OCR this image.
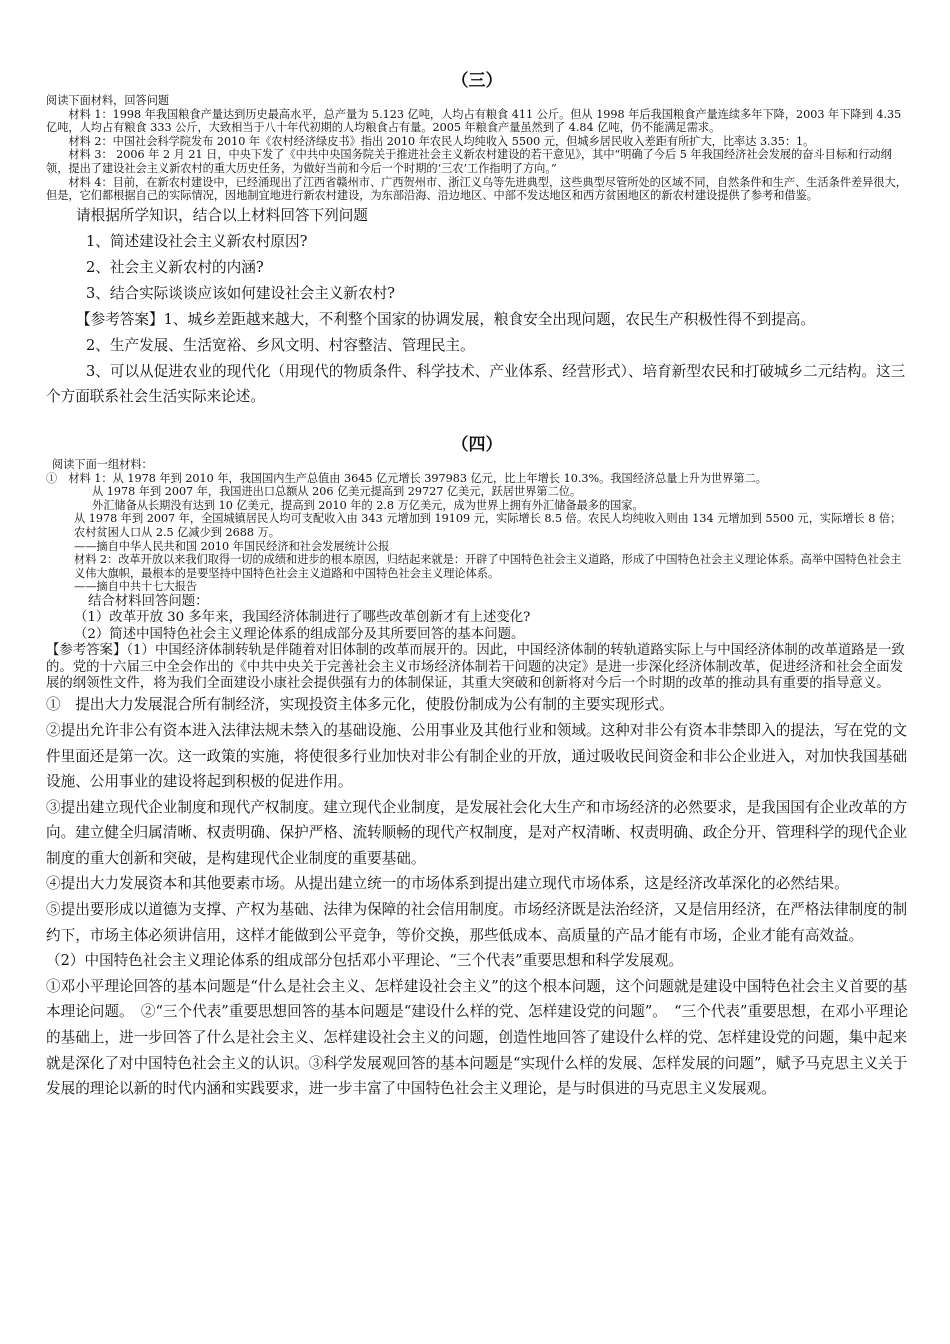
（三）

阅读下面材料，回答问题

材料 1：1998 年我国粮食产量达到历史最高水平，总产量为 5.123 亿吨，人均占有粮食 411 公斤。但从 1998 年后我国粮食产量连续多年下降，2003 年下降到 4.35 亿吨，人均占有粮食 333 公斤，大致相当于八十年代初期的人均粮食占有量。2005 年粮食产量虽然到了 4.84 亿吨，仍不能满足需求。

材料 2：中国社会科学院发布 2010 年《农村经济绿皮书》指出 2010 年农民人均纯收入 5500 元，但城乡居民收入差距有所扩大，比率达 3.35：1。

材料 3： 2006 年 2 月 21 日，中央下发了《中共中央国务院关于推进社会主义新农村建设的若干意见》，其中“明确了今后 5 年我国经济社会发展的奋斗目标和行动纲领，提出了建设社会主义新农村的重大历史任务，为做好当前和今后一个时期的‘三农’工作指明了方向。”

材料 4：目前，在新农村建设中，已经涌现出了江西省赣州市、广西贺州市、浙江义乌等先进典型，这些典型尽管所处的区域不同，自然条件和生产、生活条件差异很大，但是，它们都根据自己的实际情况，因地制宜地进行新农村建设，为东部沿海、沿边地区、中部不发达地区和西方贫困地区的新农村建设提供了参考和借鉴。

请根据所学知识，结合以上材料回答下列问题

1、简述建设社会主义新农村原因?

2、社会主义新农村的内涵?

3、结合实际谈谈应该如何建设社会主义新农村?

【参考答案】1、城乡差距越来越大，不利整个国家的协调发展，粮食安全出现问题，农民生产积极性得不到提高。

2、生产发展、生活宽裕、乡风文明、村容整洁、管理民主。

3、可以从促进农业的现代化（用现代的物质条件、科学技术、产业体系、经营形式）、培育新型农民和打破城乡二元结构。这三个方面联系社会生活实际来论述。

（四）

阅读下面一组材料：

①　材料 1：从 1978 年到 2010 年，我国国内生产总值由 3645 亿元增长 397983 亿元，比上年增长 10.3%。我国经济总量上升为世界第二。

从 1978 年到 2007 年，我国进出口总额从 206 亿美元提高到 29727 亿美元，跃居世界第二位。

外汇储备从长期没有达到 10 亿美元，提高到 2010 年的 2.8 万亿美元，成为世界上拥有外汇储备最多的国家。

从 1978 年到 2007 年，全国城镇居民人均可支配收入由 343 元增加到 19109 元，实际增长 8.5 倍。农民人均纯收入则由 134 元增加到 5500 元，实际增长 8 倍；农村贫困人口从 2.5 亿减少到 2688 万。

——摘自中华人民共和国 2010 年国民经济和社会发展统计公报

材料 2：改革开放以来我们取得一切的成绩和进步的根本原因，归结起来就是：开辟了中国特色社会主义道路，形成了中国特色社会主义理论体系。高举中国特色社会主义伟大旗帜，最根本的是要坚持中国特色社会主义道路和中国特色社会主义理论体系。

——摘自中共十七大报告

结合材料回答问题：

（1）改革开放 30 多年来，我国经济体制进行了哪些改革创新才有上述变化?

（2）简述中国特色社会主义理论体系的组成部分及其所要回答的基本问题。

【参考答案】（1）中国经济体制转轨是伴随着对旧体制的改革而展开的。因此，中国经济体制的转轨道路实际上与中国经济体制的改革道路是一致的。党的十六届三中全会作出的《中共中央关于完善社会主义市场经济体制若干问题的决定》是进一步深化经济体制改革，促进经济和社会全面发展的纲领性文件，将为我们全面建设小康社会提供强有力的体制保证，其重大突破和创新将对今后一个时期的改革的推动具有重要的指导意义。

①　提出大力发展混合所有制经济，实现投资主体多元化，使股份制成为公有制的主要实现形式。

②提出允许非公有资本进入法律法规未禁入的基础设施、公用事业及其他行业和领域。这种对非公有资本非禁即入的提法，写在党的文件里面还是第一次。这一政策的实施，将使很多行业加快对非公有制企业的开放，通过吸收民间资金和非公企业进入，对加快我国基础设施、公用事业的建设将起到积极的促进作用。

③提出建立现代企业制度和现代产权制度。建立现代企业制度，是发展社会化大生产和市场经济的必然要求，是我国国有企业改革的方向。建立健全归属清晰、权责明确、保护严格、流转顺畅的现代产权制度，是对产权清晰、权责明确、政企分开、管理科学的现代企业制度的重大创新和突破，是构建现代企业制度的重要基础。

④提出大力发展资本和其他要素市场。从提出建立统一的市场体系到提出建立现代市场体系，这是经济改革深化的必然结果。

⑤提出要形成以道德为支撑、产权为基础、法律为保障的社会信用制度。市场经济既是法治经济，又是信用经济，在严格法律制度的制约下，市场主体必须讲信用，这样才能做到公平竞争，等价交换，那些低成本、高质量的产品才能有市场，企业才能有高效益。

（2）中国特色社会主义理论体系的组成部分包括邓小平理论、“三个代表”重要思想和科学发展观。

①邓小平理论回答的基本问题是“什么是社会主义、怎样建设社会主义”的这个根本问题，这个问题就是建设中国特色社会主义首要的基本理论问题。　②“三个代表”重要思想回答的基本问题是“建设什么样的党、怎样建设党的问题”。　“三个代表”重要思想，在邓小平理论的基础上，进一步回答了什么是社会主义、怎样建设社会主义的问题，创造性地回答了建设什么样的党、怎样建设党的问题，集中起来就是深化了对中国特色社会主义的认识。③科学发展观回答的基本问题是“实现什么样的发展、怎样发展的问题”，赋予马克思主义关于发展的理论以新的时代内涵和实践要求，进一步丰富了中国特色社会主义理论，是与时俱进的马克思主义发展观。
